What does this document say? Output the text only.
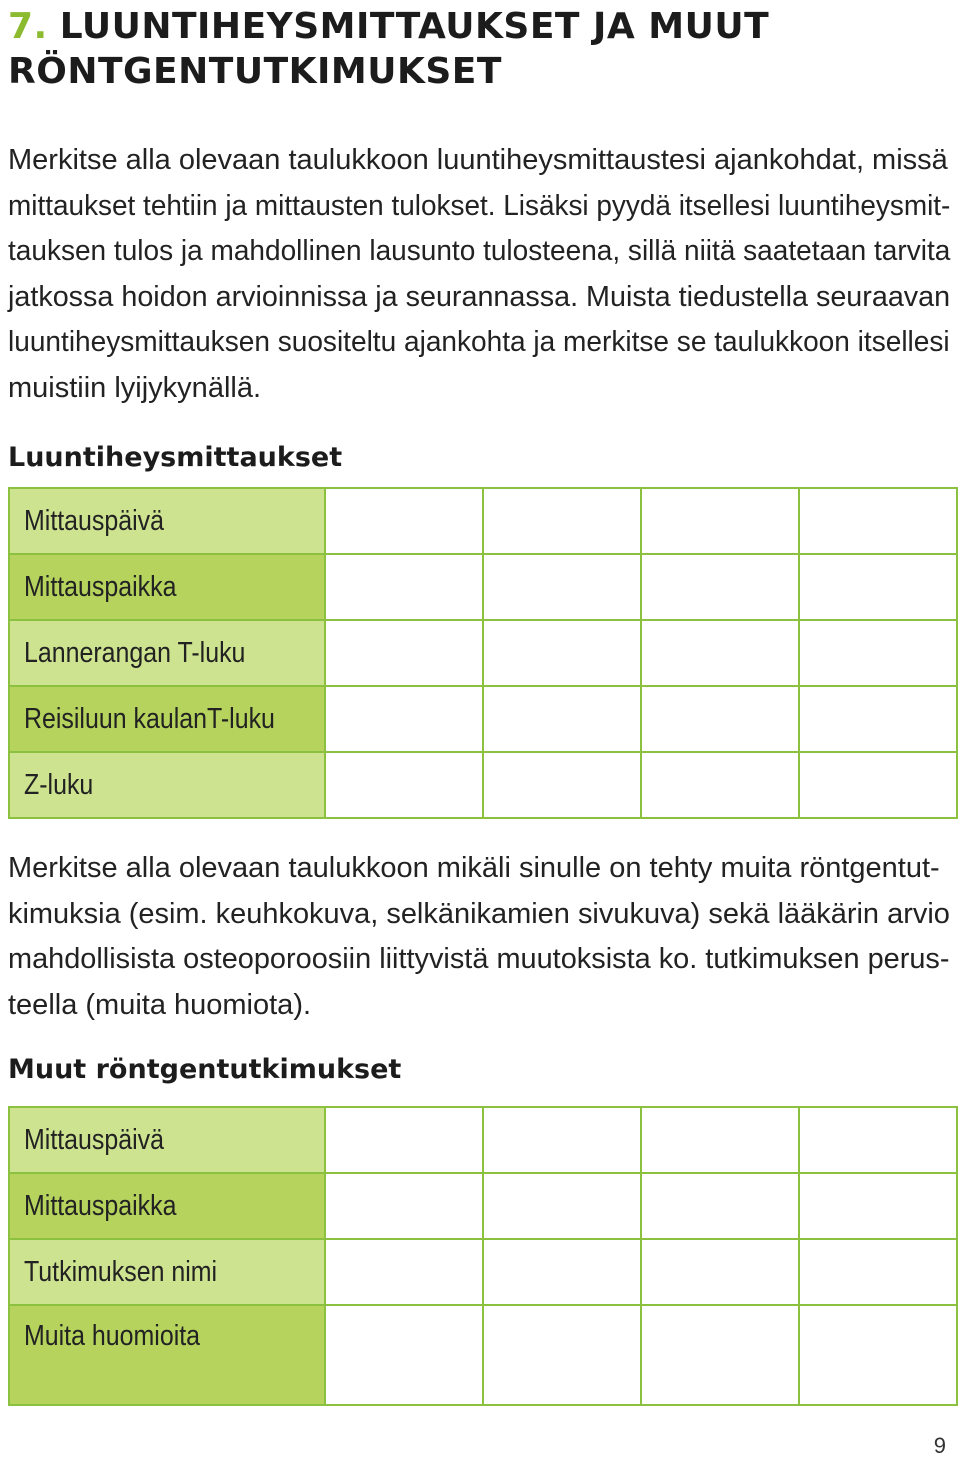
7. LUUNTIHEYSMITTAUKSET JA MUUT
RÖNTGENTUTKIMUKSET

Merkitse alla olevaan taulukkoon luuntiheysmittaustesi ajankohdat, missä
mittaukset tehtiin ja mittausten tulokset. Lisäksi pyydä itsellesi luuntiheysmit-
tauksen tulos ja mahdollinen lausunto tulosteena, sillä niitä saatetaan tarvita
jatkossa hoidon arvioinnissa ja seurannassa. Muista tiedustella seuraavan
luuntiheysmittauksen suositeltu ajankohta ja merkitse se taulukkoon itsellesi
muistiin lyijykynällä.

Luuntiheysmittaukset
Mittauspäivä				
Mittauspaikka				
Lannerangan T-luku				
Reisiluun kaulanT-luku				
Z-luku				

Merkitse alla olevaan taulukkoon mikäli sinulle on tehty muita röntgentut-
kimuksia (esim. keuhkokuva, selkänikamien sivukuva) sekä lääkärin arvio
mahdollisista osteoporoosiin liittyvistä muutoksista ko. tutkimuksen perus-
teella (muita huomiota).

Muut röntgentutkimukset
Mittauspäivä				
Mittauspaikka				
Tutkimuksen nimi				
Muita huomioita				
9
